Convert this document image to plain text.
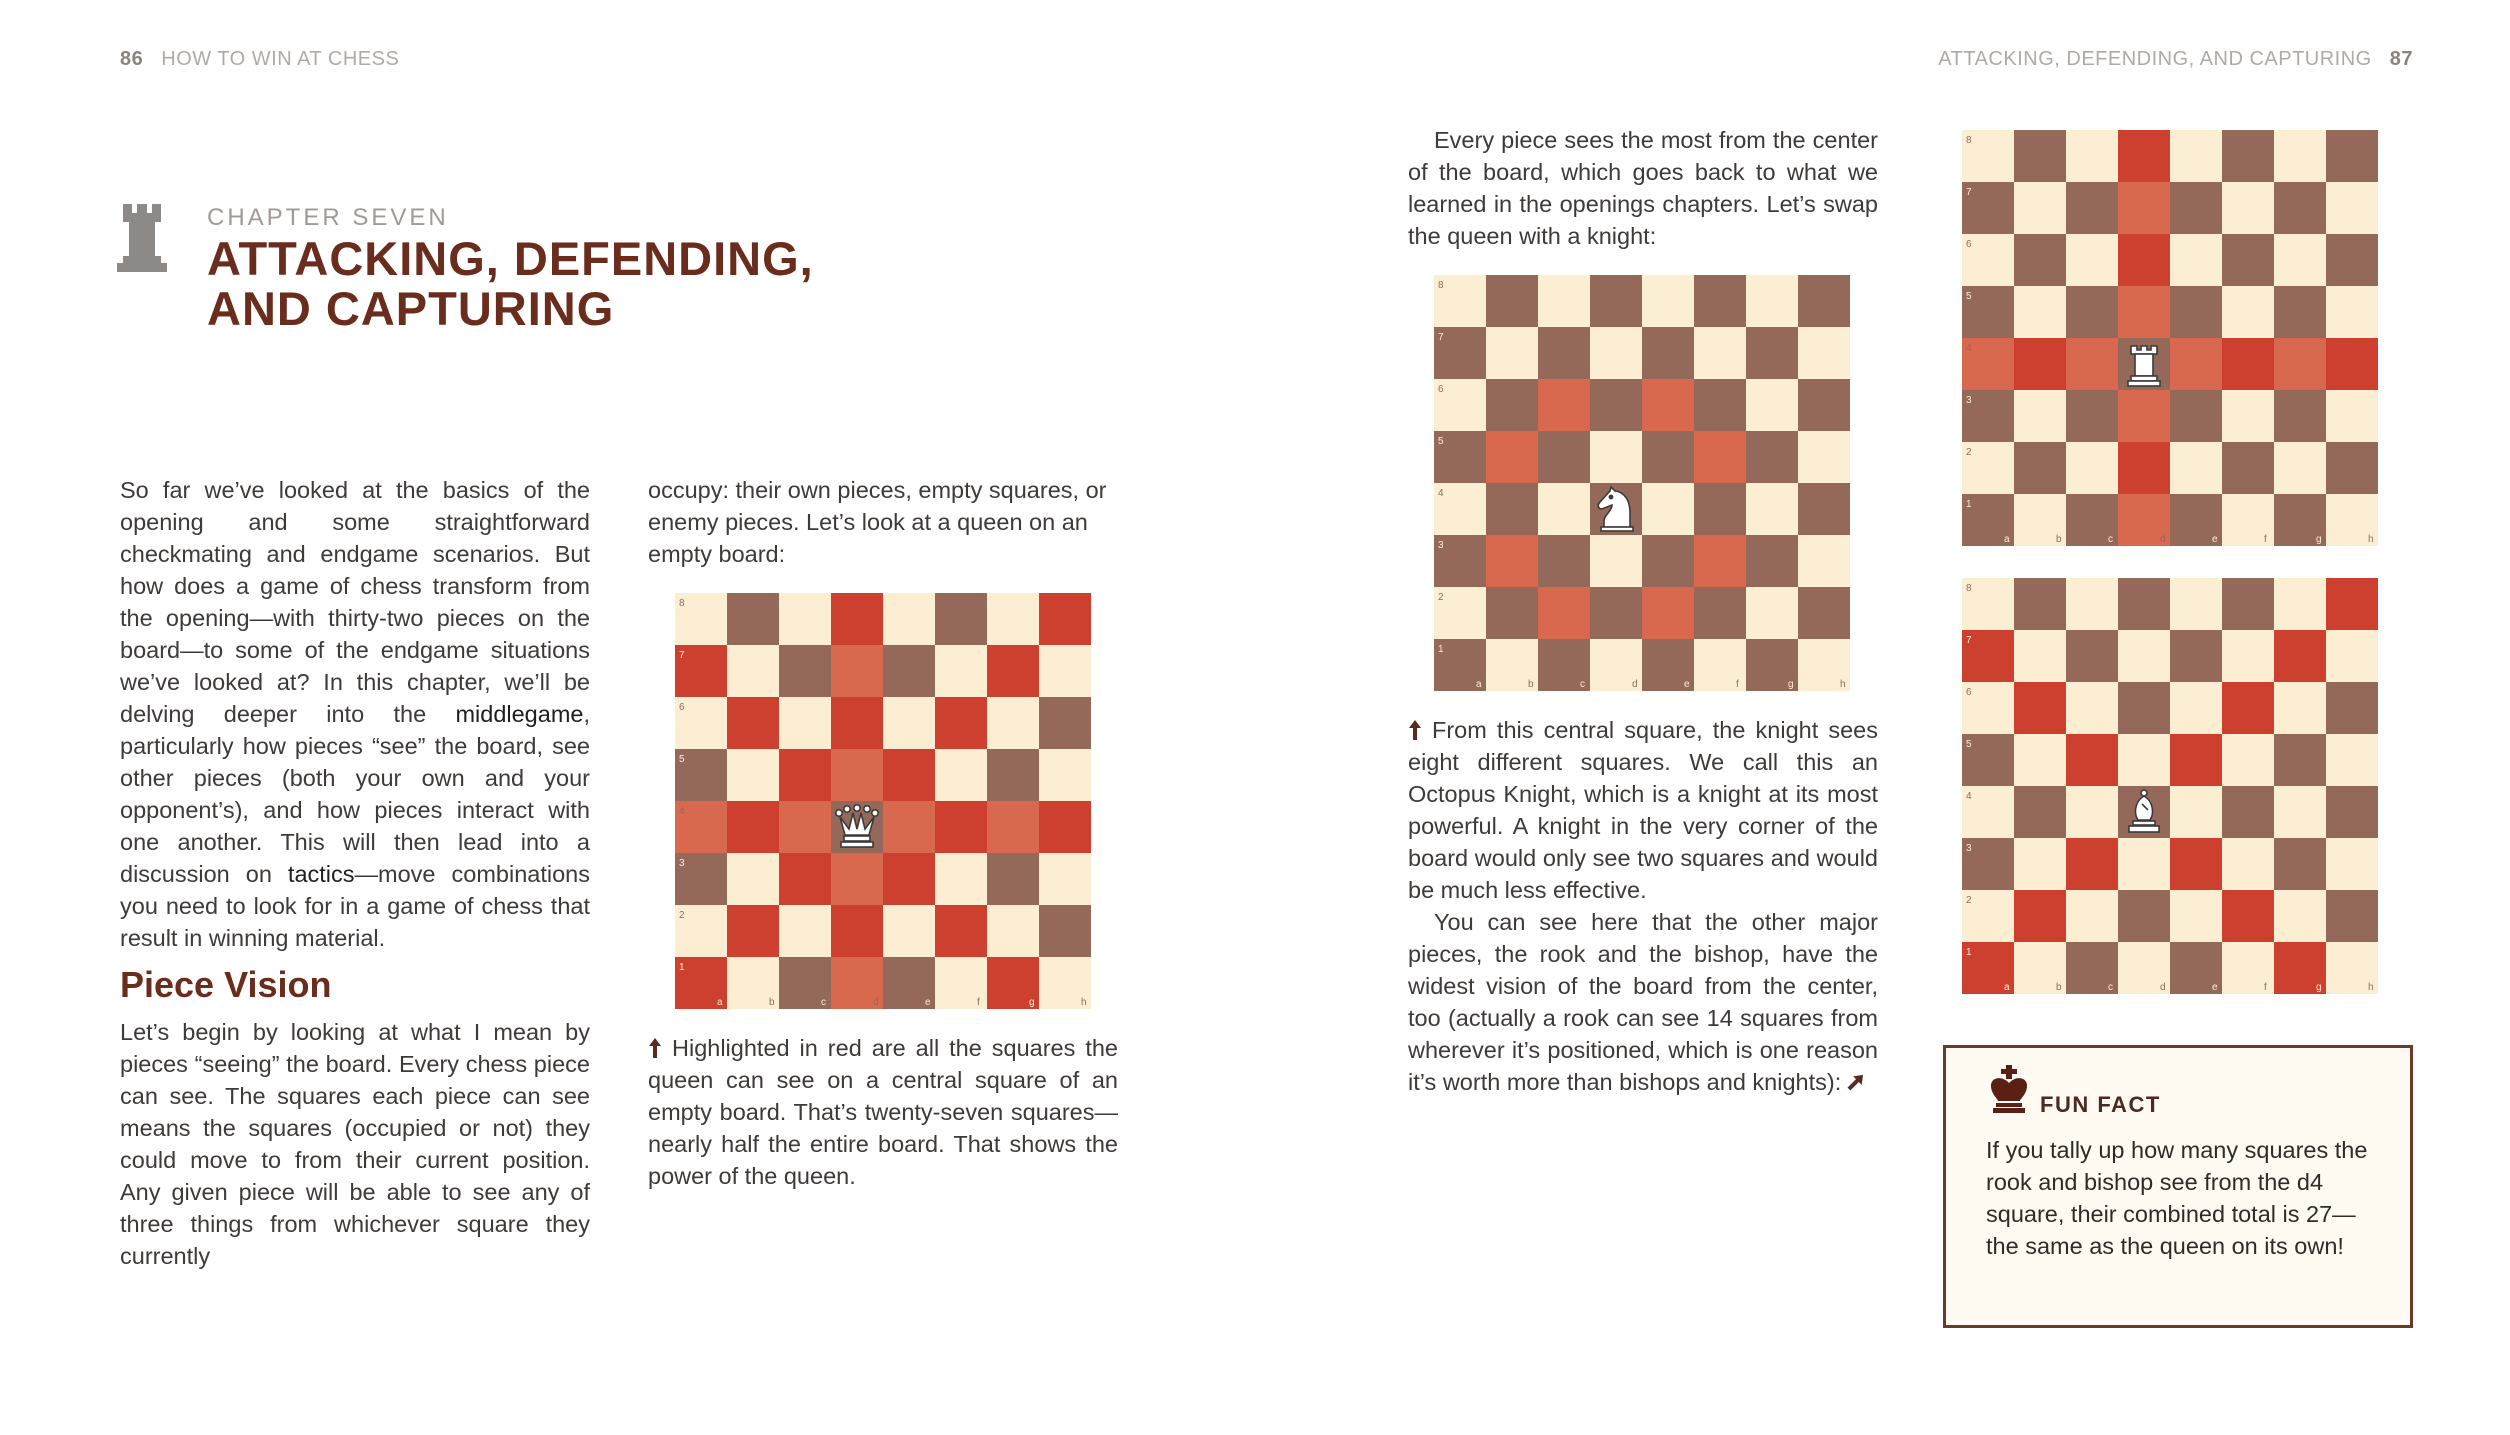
86 HOW TO WIN AT CHESS	ATTACKING, DEFENDING, AND CAPTURING 87
CHAPTER SEVEN
ATTACKING, DEFENDING,
AND CAPTURING

So far we’ve looked at the basics of the opening and some straightforward checkmating and endgame scenarios. But how does a game of chess transform from the opening—with thirty-two pieces on the board—to some of the endgame situations we’ve looked at? In this chapter, we’ll be delving deeper into the middlegame, particularly how pieces “see” the board, see other pieces (both your own and your opponent’s), and how pieces interact with one another. This will then lead into a discussion on tactics—move combinations you need to look for in a game of chess that result in winning material.

Piece Vision

Let’s begin by looking at what I mean by pieces “seeing” the board. Every chess piece can see. The squares each piece can see means the squares (occupied or not) they could move to from their current position. Any given piece will be able to see any of three things from whichever square they currently

occupy: their own pieces, empty squares, or enemy pieces. Let’s look at a queen on an empty board:

1
2
3
4
5
6
7
8
a	b	c	d	e	f	g	h

Highlighted in red are all the squares the queen can see on a central square of an empty board. That’s twenty-seven squares—nearly half the entire board. That shows the power of the queen.

Every piece sees the most from the center of the board, which goes back to what we learned in the openings chapters. Let’s swap the queen with a knight:

1
2
3
4
5
6
7
8
a	b	c	d	e	f	g	h

From this central square, the knight sees eight different squares. We call this an Octopus Knight, which is a knight at its most powerful. A knight in the very corner of the board would only see two squares and would be much less effective.

You can see here that the other major pieces, the rook and the bishop, have the widest vision of the board from the center, too (actually a rook can see 14 squares from wherever it’s positioned, which is one reason it’s worth more than bishops and knights):

1
2
3
4
5
6
7
8
a	b	c	d	e	f	g	h
1
2
3
4
5
6
7
8
a	b	c	d	e	f	g	h
FUN FACT

If you tally up how many squares the rook and bishop see from the d4 square, their combined total is 27—the same as the queen on its own!
